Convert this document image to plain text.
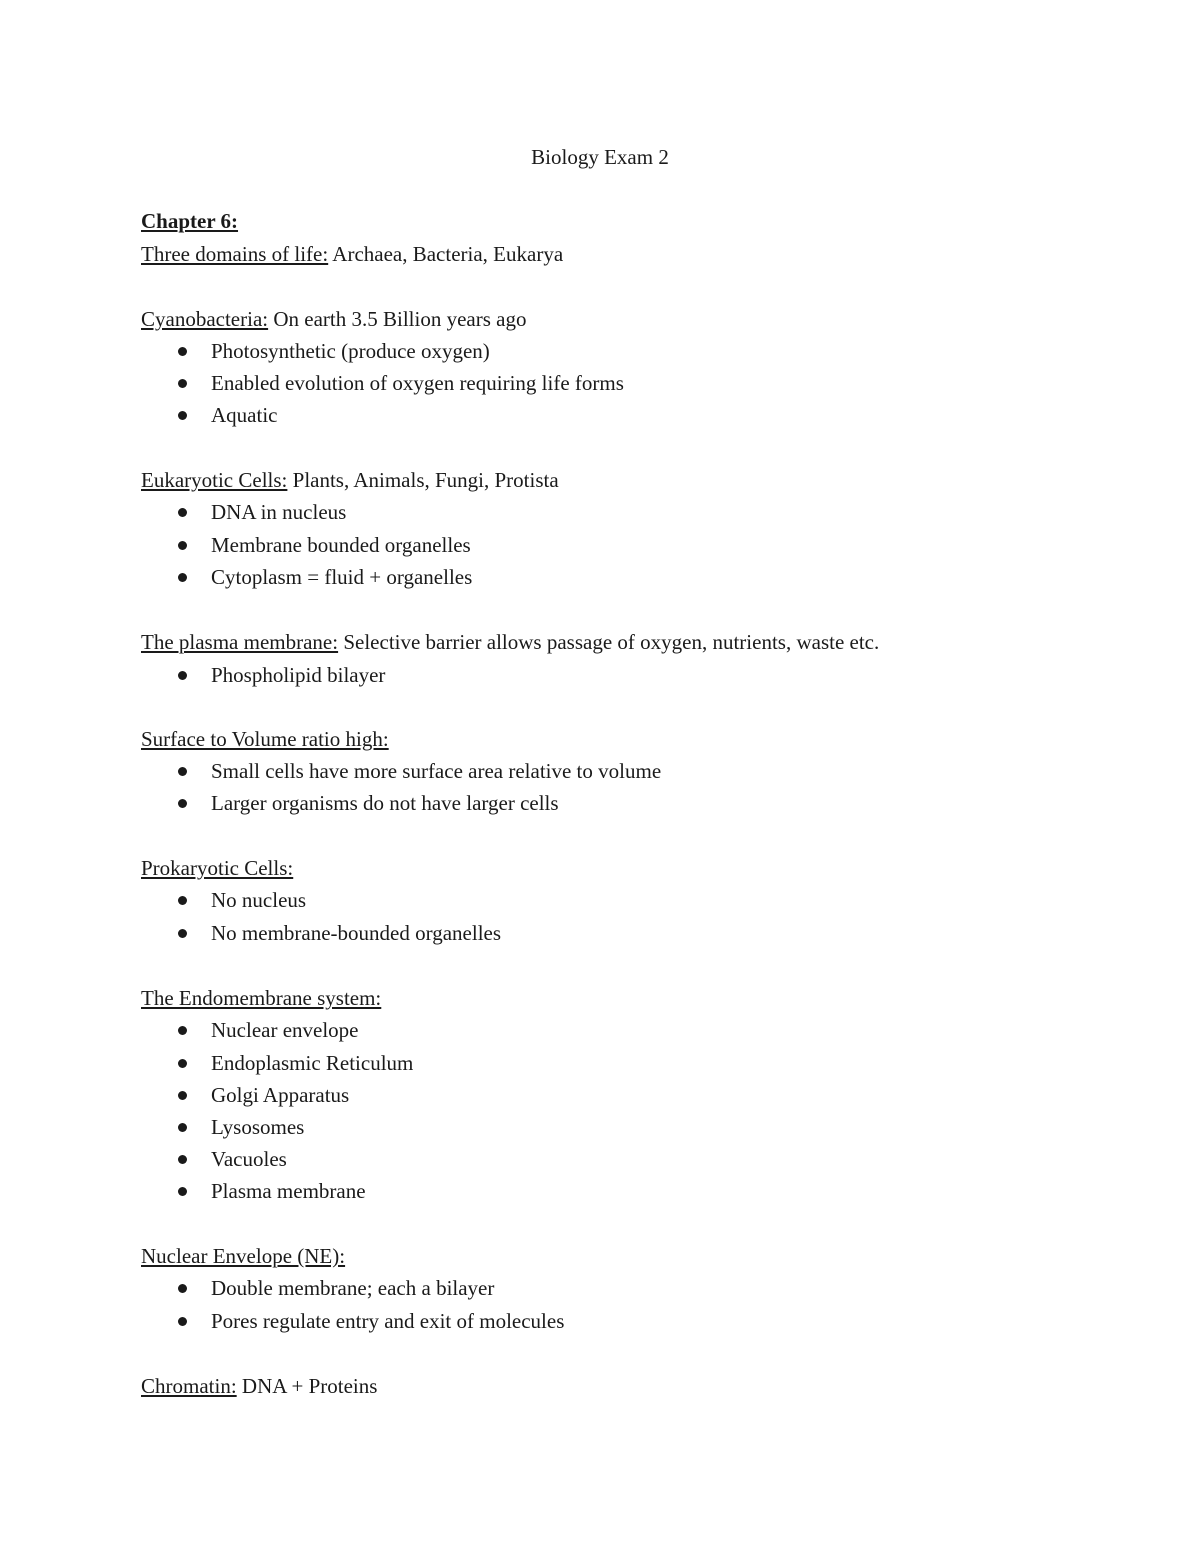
Biology Exam 2
Chapter 6:
Three domains of life: Archaea, Bacteria, Eukarya
Cyanobacteria: On earth 3.5 Billion years ago
Photosynthetic (produce oxygen)
Enabled evolution of oxygen requiring life forms
Aquatic
Eukaryotic Cells: Plants, Animals, Fungi, Protista
DNA in nucleus
Membrane bounded organelles
Cytoplasm = fluid + organelles
The plasma membrane: Selective barrier allows passage of oxygen, nutrients, waste etc.
Phospholipid bilayer
Surface to Volume ratio high:
Small cells have more surface area relative to volume
Larger organisms do not have larger cells
Prokaryotic Cells:
No nucleus
No membrane-bounded organelles
The Endomembrane system:
Nuclear envelope
Endoplasmic Reticulum
Golgi Apparatus
Lysosomes
Vacuoles
Plasma membrane
Nuclear Envelope (NE):
Double membrane; each a bilayer
Pores regulate entry and exit of molecules
Chromatin: DNA + Proteins
